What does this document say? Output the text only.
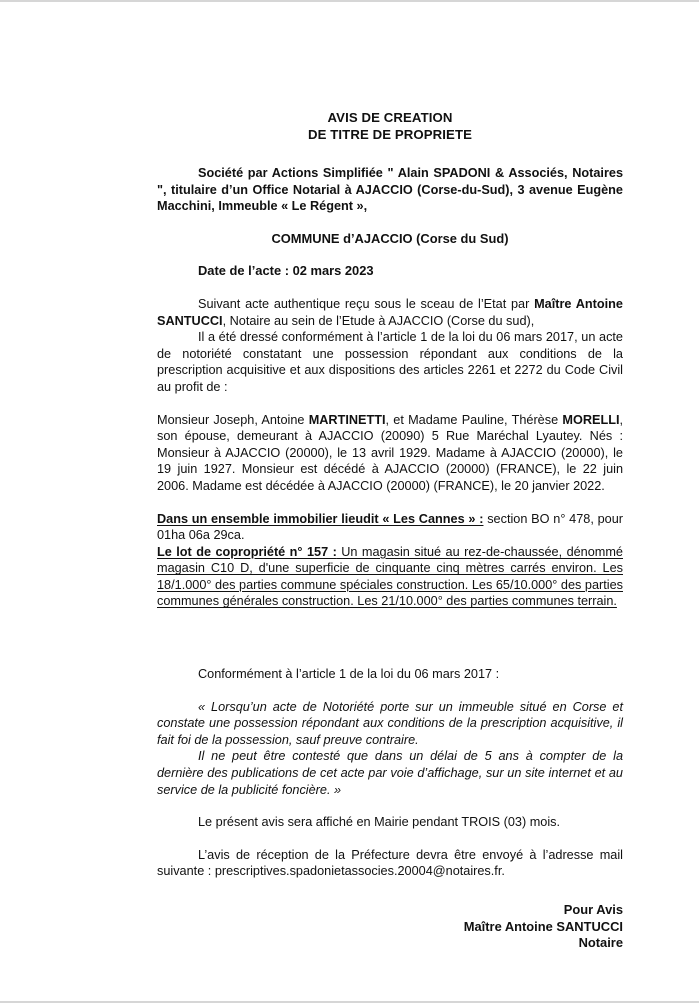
AVIS DE CREATION
DE TITRE DE PROPRIETE

Société par Actions Simplifiée " Alain SPADONI & Associés, Notaires ", titulaire d’un Office Notarial à AJACCIO (Corse-du-Sud), 3 avenue Eugène Macchini, Immeuble « Le Régent »,

COMMUNE d’AJACCIO (Corse du Sud)

Date de l’acte : 02 mars 2023

Suivant acte authentique reçu sous le sceau de l’Etat par Maître Antoine SANTUCCI, Notaire au sein de l’Etude à AJACCIO (Corse du sud),

Il a été dressé conformément à l’article 1 de la loi du 06 mars 2017, un acte de notoriété constatant une possession répondant aux conditions de la prescription acquisitive et aux dispositions des articles 2261 et 2272 du Code Civil au profit de :

Monsieur Joseph, Antoine MARTINETTI, et Madame Pauline, Thérèse MORELLI, son épouse, demeurant à AJACCIO (20090) 5 Rue Maréchal Lyautey. Nés : Monsieur à AJACCIO (20000), le 13 avril 1929. Madame à AJACCIO (20000), le 19 juin 1927. Monsieur est décédé à AJACCIO (20000) (FRANCE), le 22 juin 2006. Madame est décédée à AJACCIO (20000) (FRANCE), le 20 janvier 2022.

Dans un ensemble immobilier lieudit « Les Cannes » : section BO n° 478, pour 01ha 06a 29ca.

Le lot de copropriété n° 157 : Un magasin situé au rez-de-chaussée, dénommé magasin C10 D, d'une superficie de cinquante cinq mètres carrés environ. Les 18/1.000° des parties commune spéciales construction. Les 65/10.000° des parties communes générales construction. Les 21/10.000° des parties communes terrain.

Conformément à l’article 1 de la loi du 06 mars 2017 :

« Lorsqu’un acte de Notoriété porte sur un immeuble situé en Corse et constate une possession répondant aux conditions de la prescription acquisitive, il fait foi de la possession, sauf preuve contraire.

Il ne peut être contesté que dans un délai de 5 ans à compter de la dernière des publications de cet acte par voie d’affichage, sur un site internet et au service de la publicité foncière. »

Le présent avis sera affiché en Mairie pendant TROIS (03) mois.

L’avis de réception de la Préfecture devra être envoyé à l’adresse mail suivante : prescriptives.spadonietassocies.20004@notaires.fr.

Pour Avis

Maître Antoine SANTUCCI

Notaire
